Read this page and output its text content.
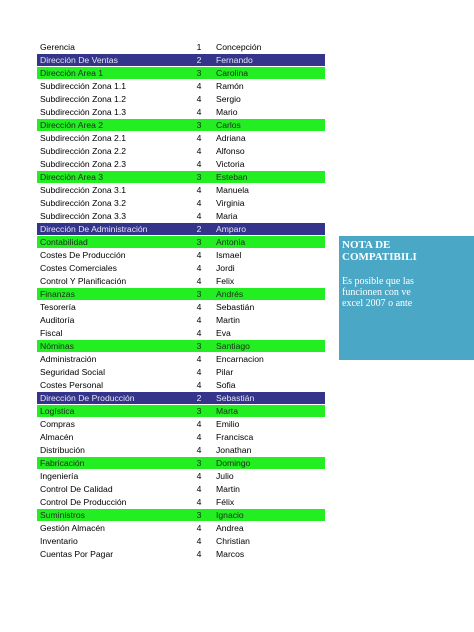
Gerencia	1	Concepción
Dirección De Ventas	2	Fernando
Dirección Area 1	3	Carolina
Subdirección Zona 1.1	4	Ramón
Subdirección Zona 1.2	4	Sergio
Subdirección Zona 1.3	4	Mario
Dirección Area 2	3	Carlos
Subdirección Zona 2.1	4	Adriana
Subdirección Zona 2.2	4	Alfonso
Subdirección Zona 2.3	4	Victoria
Dirección Area 3	3	Esteban
Subdirección Zona 3.1	4	Manuela
Subdirección Zona 3.2	4	Virginia
Subdirección Zona 3.3	4	Maria
Dirección De Administración	2	Amparo
Contabilidad	3	Antonia
Costes De Producción	4	Ismael
Costes Comerciales	4	Jordi
Control Y Planificación	4	Felix
Finanzas	3	Andrés
Tesorería	4	Sebastián
Auditoría	4	Martin
Fiscal	4	Eva
Nóminas	3	Santiago
Administración	4	Encarnacion
Seguridad Social	4	Pilar
Costes Personal	4	Sofia
Dirección De Producción	2	Sebastián
Logística	3	Marta
Compras	4	Emilio
Almacén	4	Francisca
Distribución	4	Jonathan
Fabricación	3	Domingo
Ingeniería	4	Julio
Control De Calidad	4	Martin
Control De Producción	4	Félix
Suministros	3	Ignacio
Gestión Almacén	4	Andrea
Inventario	4	Christian
Cuentas Por Pagar	4	Marcos
NOTA DE
COMPATIBILI
Es posible que las
funcionen con ve
excel 2007 o ante
